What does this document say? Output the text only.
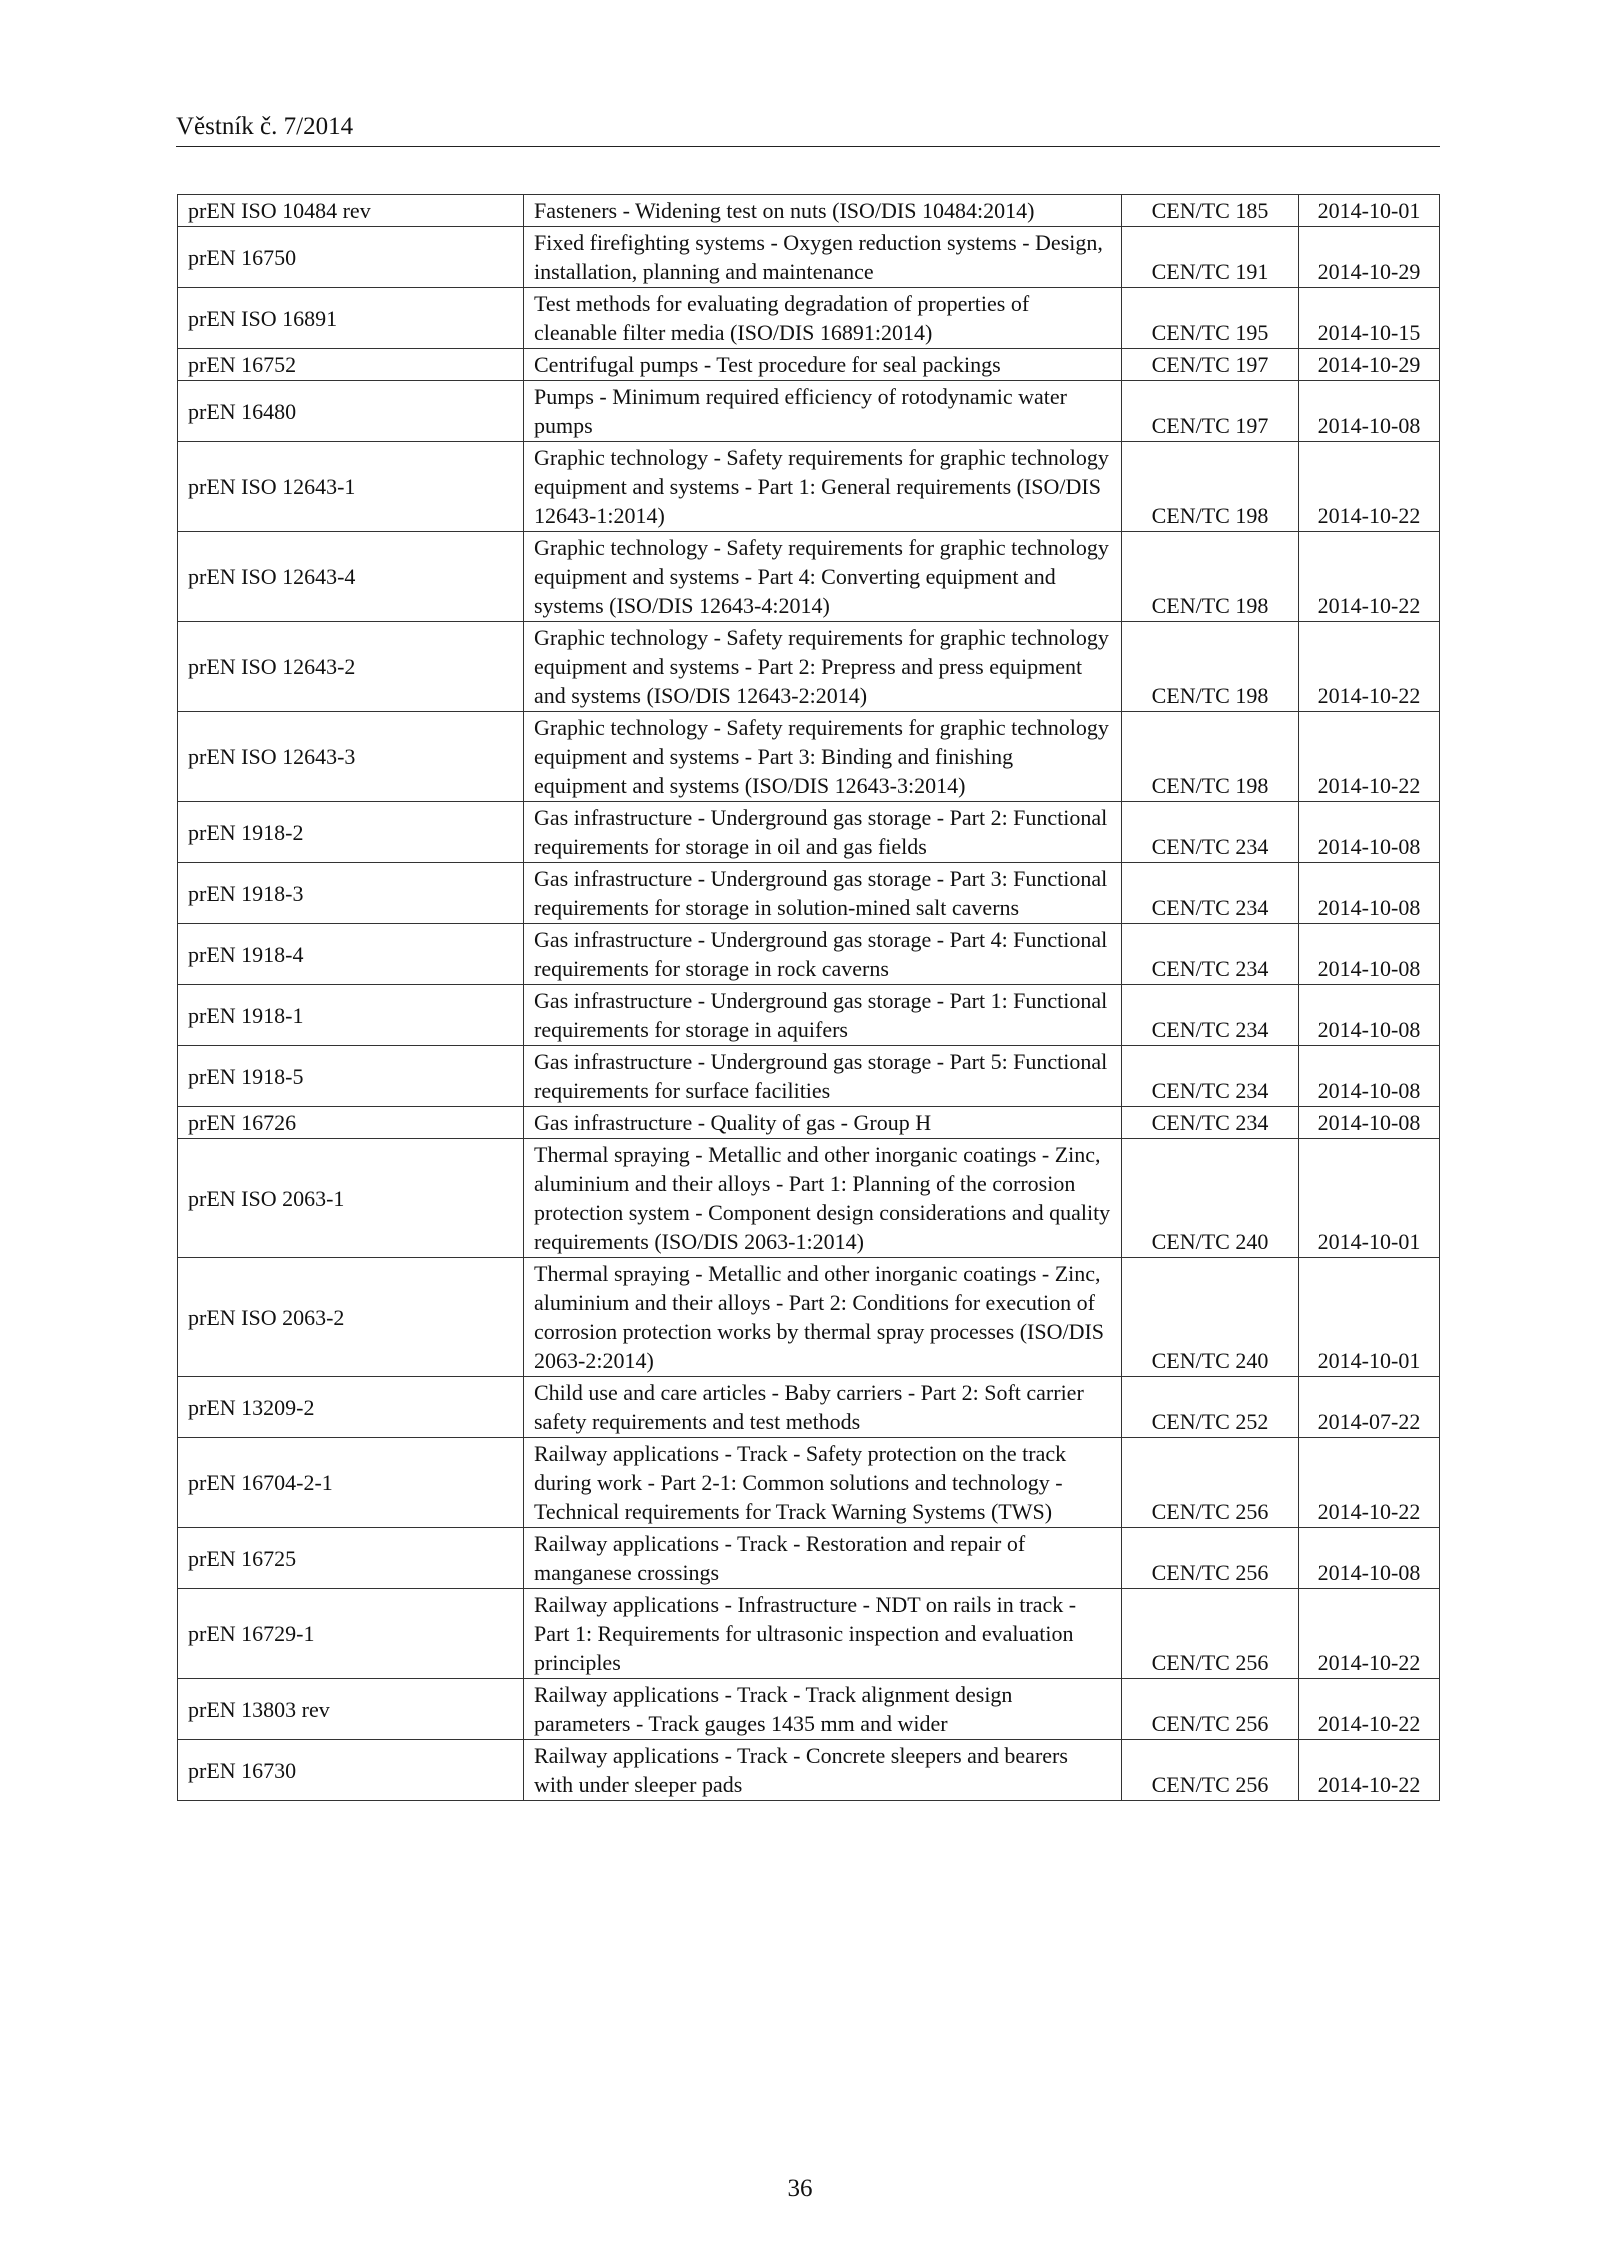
Věstník č. 7/2014
prEN ISO 10484 rev	Fasteners - Widening test on nuts (ISO/DIS 10484:2014)	CEN/TC 185	2014-10-01
prEN 16750	Fixed firefighting systems - Oxygen reduction systems - Design, installation, planning and maintenance	CEN/TC 191	2014-10-29
prEN ISO 16891	Test methods for evaluating degradation of properties of cleanable filter media (ISO/DIS 16891:2014)	CEN/TC 195	2014-10-15
prEN 16752	Centrifugal pumps - Test procedure for seal packings	CEN/TC 197	2014-10-29
prEN 16480	Pumps - Minimum required efficiency of rotodynamic water pumps	CEN/TC 197	2014-10-08
prEN ISO 12643-1	Graphic technology - Safety requirements for graphic technology equipment and systems - Part 1: General requirements (ISO/DIS 12643-1:2014)	CEN/TC 198	2014-10-22
prEN ISO 12643-4	Graphic technology - Safety requirements for graphic technology equipment and systems - Part 4: Converting equipment and systems (ISO/DIS 12643-4:2014)	CEN/TC 198	2014-10-22
prEN ISO 12643-2	Graphic technology - Safety requirements for graphic technology equipment and systems - Part 2: Prepress and press equipment and systems (ISO/DIS 12643-2:2014)	CEN/TC 198	2014-10-22
prEN ISO 12643-3	Graphic technology - Safety requirements for graphic technology equipment and systems - Part 3: Binding and finishing equipment and systems (ISO/DIS 12643-3:2014)	CEN/TC 198	2014-10-22
prEN 1918-2	Gas infrastructure - Underground gas storage - Part 2: Functional requirements for storage in oil and gas fields	CEN/TC 234	2014-10-08
prEN 1918-3	Gas infrastructure - Underground gas storage - Part 3: Functional requirements for storage in solution-mined salt caverns	CEN/TC 234	2014-10-08
prEN 1918-4	Gas infrastructure - Underground gas storage - Part 4: Functional requirements for storage in rock caverns	CEN/TC 234	2014-10-08
prEN 1918-1	Gas infrastructure - Underground gas storage - Part 1: Functional requirements for storage in aquifers	CEN/TC 234	2014-10-08
prEN 1918-5	Gas infrastructure - Underground gas storage - Part 5: Functional requirements for surface facilities	CEN/TC 234	2014-10-08
prEN 16726	Gas infrastructure - Quality of gas - Group H	CEN/TC 234	2014-10-08
prEN ISO 2063-1	Thermal spraying - Metallic and other inorganic coatings - Zinc, aluminium and their alloys - Part 1: Planning of the corrosion protection system - Component design considerations and quality requirements (ISO/DIS 2063-1:2014)	CEN/TC 240	2014-10-01
prEN ISO 2063-2	Thermal spraying - Metallic and other inorganic coatings - Zinc, aluminium and their alloys - Part 2: Conditions for execution of corrosion protection works by thermal spray processes (ISO/DIS 2063-2:2014)	CEN/TC 240	2014-10-01
prEN 13209-2	Child use and care articles - Baby carriers - Part 2: Soft carrier safety requirements and test methods	CEN/TC 252	2014-07-22
prEN 16704-2-1	Railway applications - Track - Safety protection on the track during work - Part 2-1: Common solutions and technology - Technical requirements for Track Warning Systems (TWS)	CEN/TC 256	2014-10-22
prEN 16725	Railway applications - Track - Restoration and repair of manganese crossings	CEN/TC 256	2014-10-08
prEN 16729-1	Railway applications - Infrastructure - NDT on rails in track - Part 1: Requirements for ultrasonic inspection and evaluation principles	CEN/TC 256	2014-10-22
prEN 13803 rev	Railway applications - Track - Track alignment design parameters - Track gauges 1435 mm and wider	CEN/TC 256	2014-10-22
prEN 16730	Railway applications - Track - Concrete sleepers and bearers with under sleeper pads	CEN/TC 256	2014-10-22
36
